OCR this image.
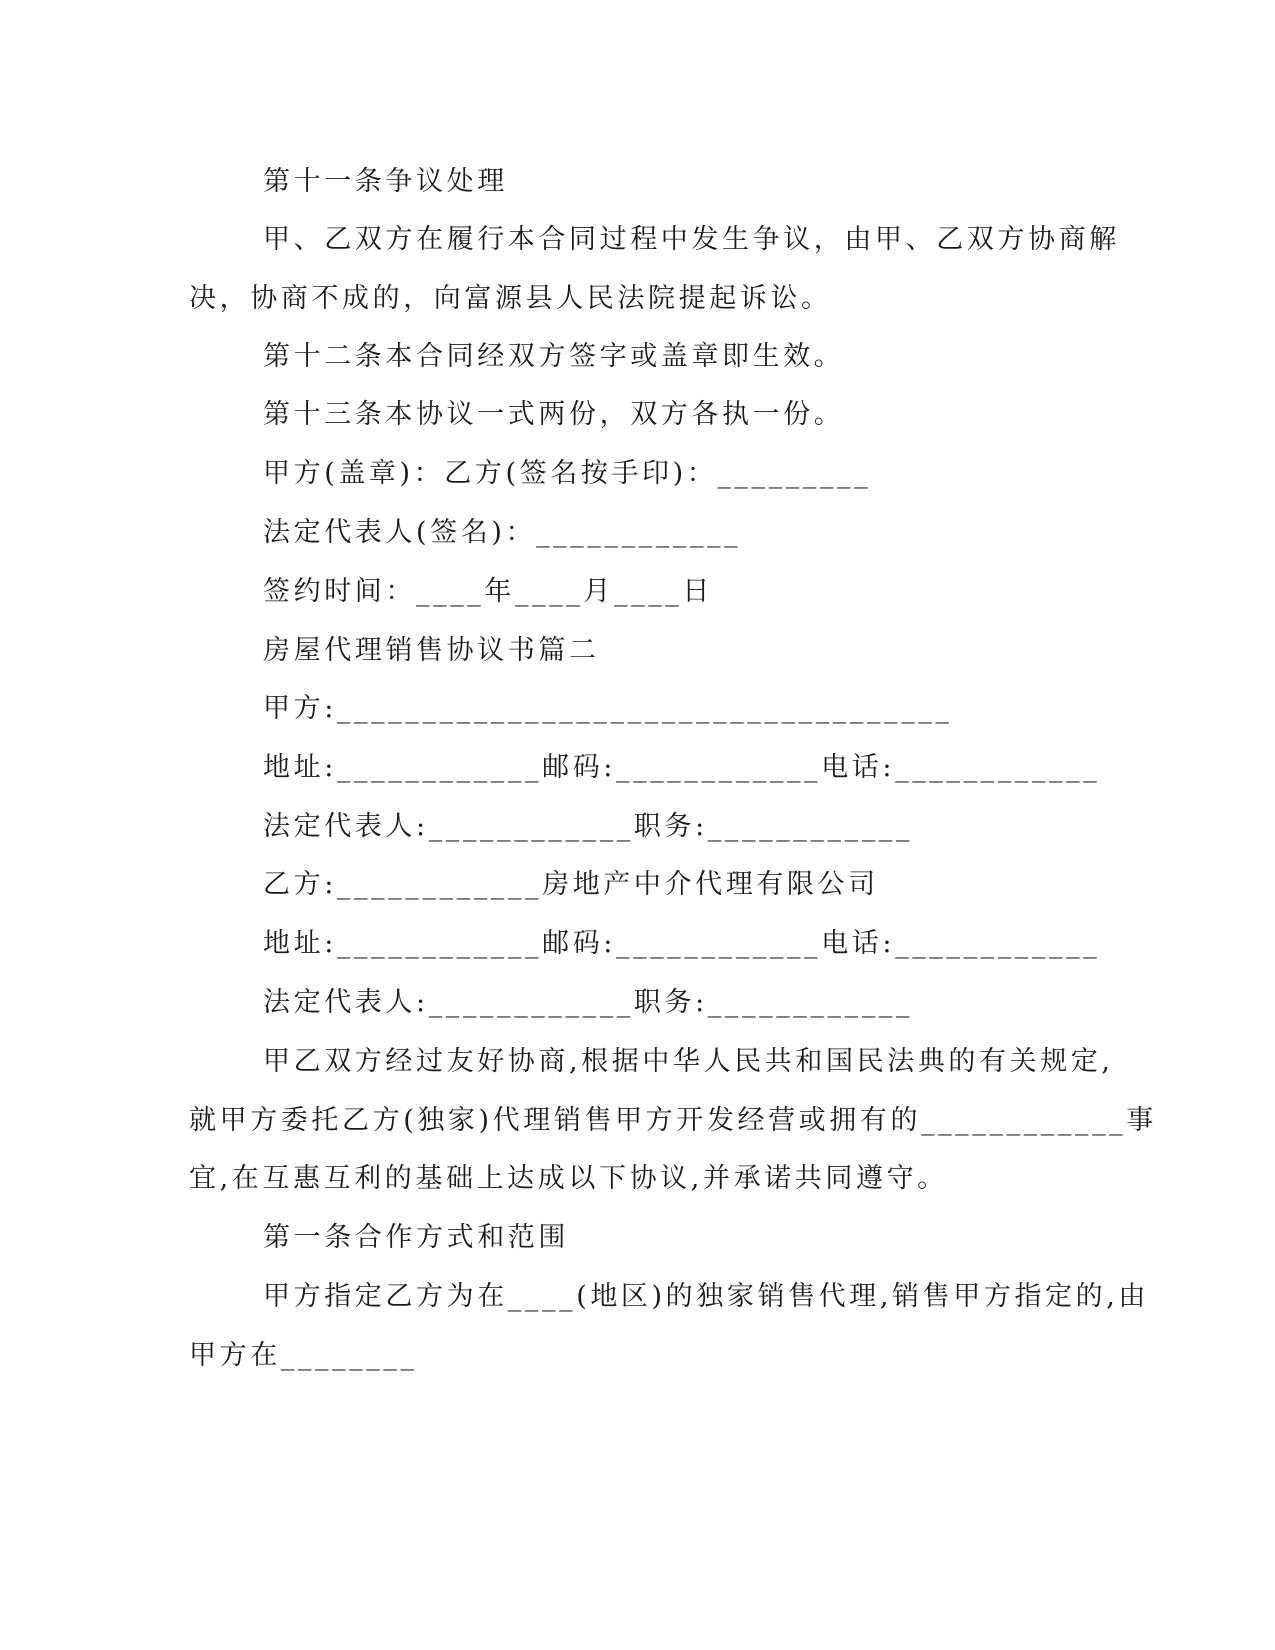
第十一条争议处理
甲、乙双方在履行本合同过程中发生争议，由甲、乙双方协商解
决，协商不成的，向富源县人民法院提起诉讼。
第十二条本合同经双方签字或盖章即生效。
第十三条本协议一式两份，双方各执一份。
甲方(盖章)：乙方(签名按手印)：_________
法定代表人(签名)：____________
签约时间：____年____月____日
房屋代理销售协议书篇二
甲方:____________________________________
地址:____________邮码:____________电话:____________
法定代表人:____________职务:____________
乙方:____________房地产中介代理有限公司
地址:____________邮码:____________电话:____________
法定代表人:____________职务:____________
甲乙双方经过友好协商,根据中华人民共和国民法典的有关规定,
就甲方委托乙方(独家)代理销售甲方开发经营或拥有的____________事
宜,在互惠互利的基础上达成以下协议,并承诺共同遵守。
第一条合作方式和范围
甲方指定乙方为在____(地区)的独家销售代理,销售甲方指定的,由
甲方在________
